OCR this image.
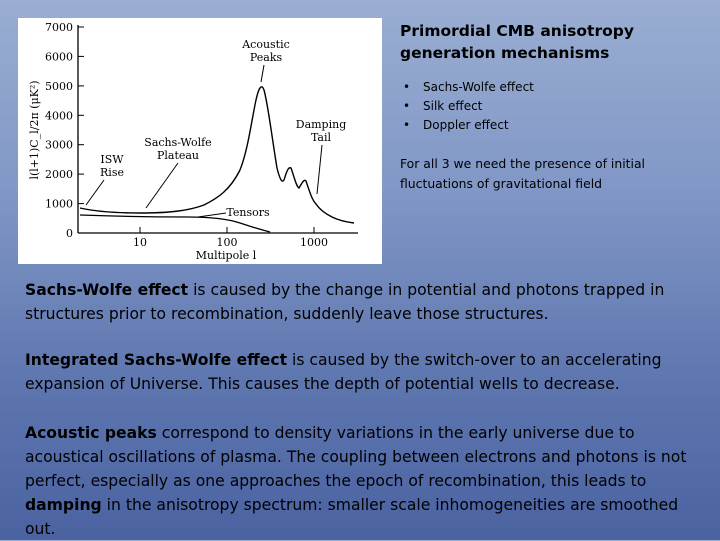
7000
6000
5000
4000
3000
2000
1000
0
10	100	1000
Multipole l
l(l+1)C_l/2π (μK²)
Acoustic
Peaks
Damping
Tail
Sachs-Wolfe
Plateau
ISW
Rise
Tensors

Primordial CMB anisotropy
generation mechanisms

• Sachs-Wolfe effect
• Silk effect
• Doppler effect
For all 3 we need the presence of initial fluctuations of gravitational field
Sachs-Wolfe effect is caused by the change in potential and photons trapped in structures prior to recombination, suddenly leave those structures.
Integrated Sachs-Wolfe effect is caused by the switch-over to an accelerating expansion of Universe. This causes the depth of potential wells to decrease.
Acoustic peaks correspond to density variations in the early universe due to acoustical oscillations of plasma. The coupling between electrons and photons is not perfect, especially as one approaches the epoch of recombination, this leads to damping in the anisotropy spectrum: smaller scale inhomogeneities are smoothed out.
